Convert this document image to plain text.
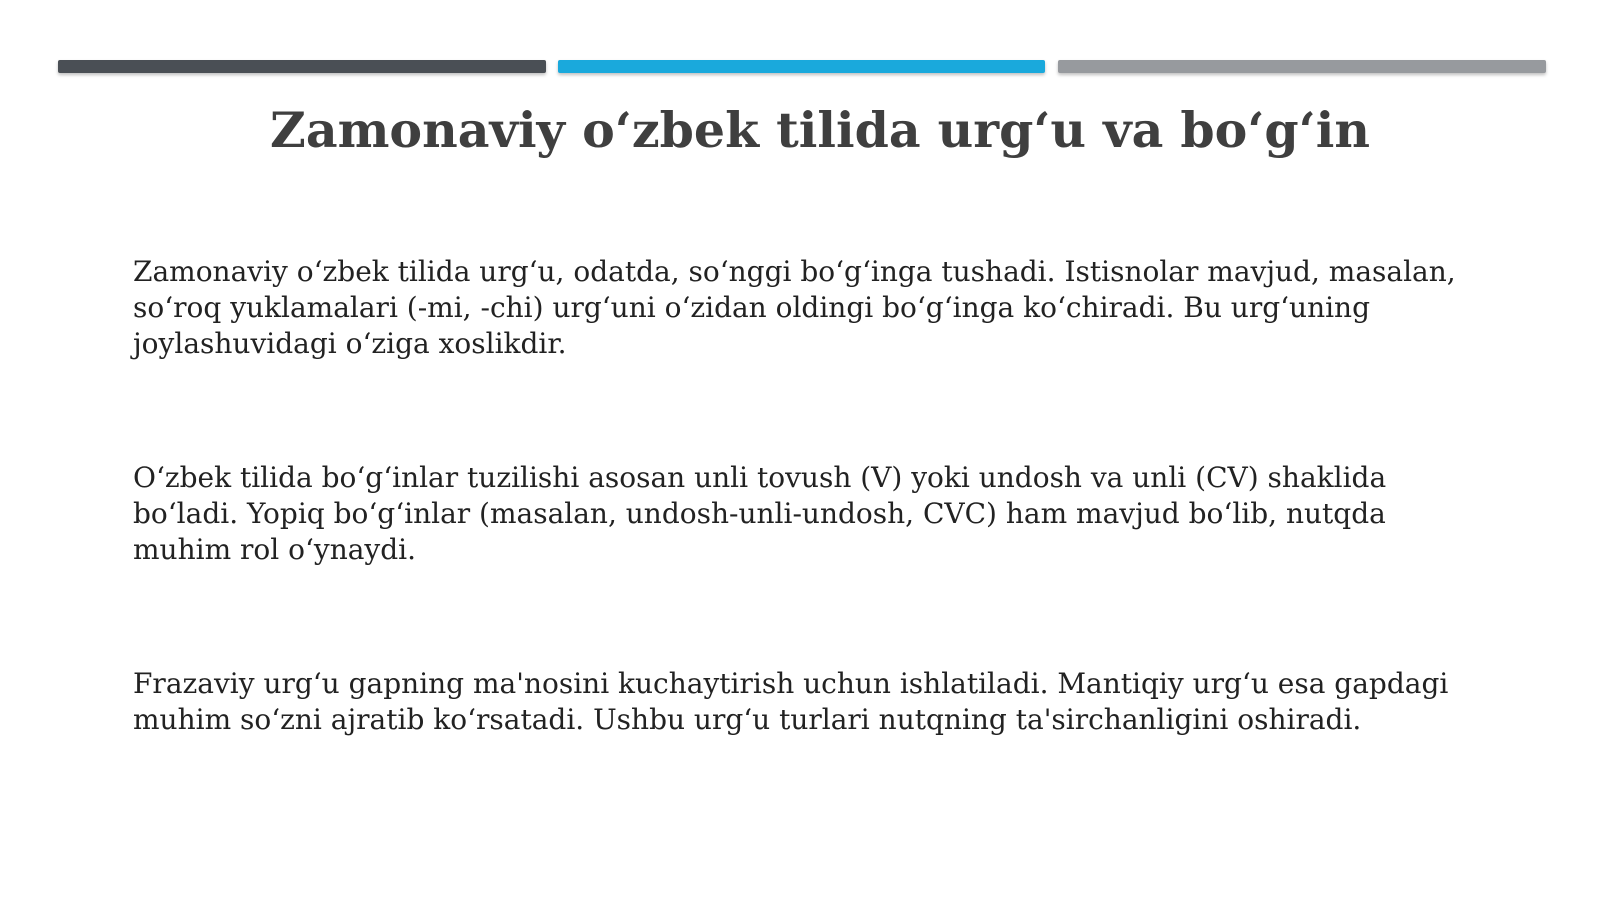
Zamonaviy o‘zbek tilida urg‘u va bo‘g‘in

Zamonaviy o‘zbek tilida urg‘u, odatda, so‘nggi bo‘g‘inga tushadi. Istisnolar mavjud, masalan, so‘roq yuklamalari (-mi, -chi) urg‘uni o‘zidan oldingi bo‘g‘inga ko‘chiradi. Bu urg‘uning joylashuvidagi o‘ziga xoslikdir.

O‘zbek tilida bo‘g‘inlar tuzilishi asosan unli tovush (V) yoki undosh va unli (CV) shaklida bo‘ladi. Yopiq bo‘g‘inlar (masalan, undosh-unli-undosh, CVC) ham mavjud bo‘lib, nutqda muhim rol o‘ynaydi.

Frazaviy urg‘u gapning ma'nosini kuchaytirish uchun ishlatiladi. Mantiqiy urg‘u esa gapdagi muhim so‘zni ajratib ko‘rsatadi. Ushbu urg‘u turlari nutqning ta'sirchanligini oshiradi.
